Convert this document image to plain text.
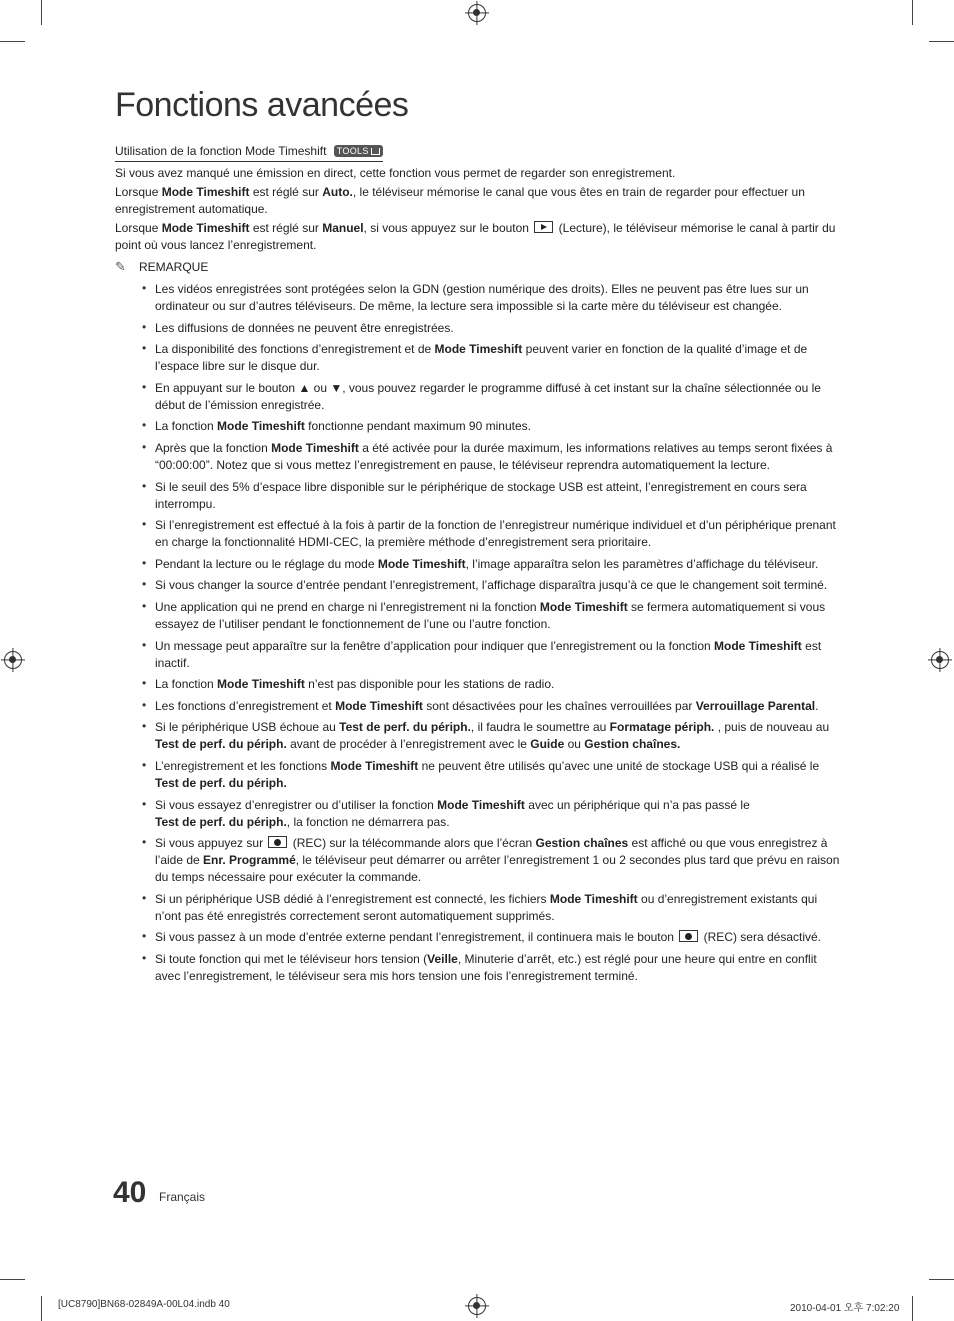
Fonctions avancées
Utilisation de la fonction Mode Timeshift TOOLS

Si vous avez manqué une émission en direct, cette fonction vous permet de regarder son enregistrement.

Lorsque Mode Timeshift est réglé sur Auto., le téléviseur mémorise le canal que vous êtes en train de regarder pour effectuer un enregistrement automatique.

Lorsque Mode Timeshift est réglé sur Manuel, si vous appuyez sur le bouton  (Lecture), le téléviseur mémorise le canal à partir du point où vous lancez l’enregistrement.

✎ REMARQUE
• Les vidéos enregistrées sont protégées selon la GDN (gestion numérique des droits). Elles ne peuvent pas être lues sur un ordinateur ou sur d’autres téléviseurs. De même, la lecture sera impossible si la carte mère du téléviseur est changée.
• Les diffusions de données ne peuvent être enregistrées.
• La disponibilité des fonctions d’enregistrement et de Mode Timeshift peuvent varier en fonction de la qualité d’image et de l’espace libre sur le disque dur.
• En appuyant sur le bouton ▲ ou ▼, vous pouvez regarder le programme diffusé à cet instant sur la chaîne sélectionnée ou le début de l’émission enregistrée.
• La fonction Mode Timeshift fonctionne pendant maximum 90 minutes.
• Après que la fonction Mode Timeshift a été activée pour la durée maximum, les informations relatives au temps seront fixées à “00:00:00”. Notez que si vous mettez l’enregistrement en pause, le téléviseur reprendra automatiquement la lecture.
• Si le seuil des 5% d’espace libre disponible sur le périphérique de stockage USB est atteint, l’enregistrement en cours sera interrompu.
• Si l’enregistrement est effectué à la fois à partir de la fonction de l’enregistreur numérique individuel et d’un périphérique prenant en charge la fonctionnalité HDMI-CEC, la première méthode d’enregistrement sera prioritaire.
• Pendant la lecture ou le réglage du mode Mode Timeshift, l’image apparaîtra selon les paramètres d’affichage du téléviseur.
• Si vous changer la source d’entrée pendant l’enregistrement, l’affichage disparaîtra jusqu’à ce que le changement soit terminé.
• Une application qui ne prend en charge ni l’enregistrement ni la fonction Mode Timeshift se fermera automatiquement si vous essayez de l’utiliser pendant le fonctionnement de l’une ou l’autre fonction.
• Un message peut apparaître sur la fenêtre d’application pour indiquer que l’enregistrement ou la fonction Mode Timeshift est inactif.
• La fonction Mode Timeshift n’est pas disponible pour les stations de radio.
• Les fonctions d’enregistrement et Mode Timeshift sont désactivées pour les chaînes verrouillées par Verrouillage Parental.
• Si le périphérique USB échoue au Test de perf. du périph., il faudra le soumettre au Formatage périph. , puis de nouveau au
Test de perf. du périph. avant de procéder à l’enregistrement avec le Guide ou Gestion chaînes.
• L’enregistrement et les fonctions Mode Timeshift ne peuvent être utilisés qu’avec une unité de stockage USB qui a réalisé le
Test de perf. du périph.
• Si vous essayez d’enregistrer ou d’utiliser la fonction Mode Timeshift avec un périphérique qui n’a pas passé le
Test de perf. du périph., la fonction ne démarrera pas.
• Si vous appuyez sur  (REC) sur la télécommande alors que l’écran Gestion chaînes est affiché ou que vous enregistrez à l’aide de Enr. Programmé, le téléviseur peut démarrer ou arrêter l’enregistrement 1 ou 2 secondes plus tard que prévu en raison du temps nécessaire pour exécuter la commande.
• Si un périphérique USB dédié à l’enregistrement est connecté, les fichiers Mode Timeshift ou d’enregistrement existants qui n’ont pas été enregistrés correctement seront automatiquement supprimés.
• Si vous passez à un mode d’entrée externe pendant l’enregistrement, il continuera mais le bouton  (REC) sera désactivé.
• Si toute fonction qui met le téléviseur hors tension (Veille, Minuterie d’arrêt, etc.) est réglé pour une heure qui entre en conflit avec l’enregistrement, le téléviseur sera mis hors tension une fois l’enregistrement terminé.
40 Français
[UC8790]BN68-02849A-00L04.indb 40	2010-04-01 오후 7:02:20
